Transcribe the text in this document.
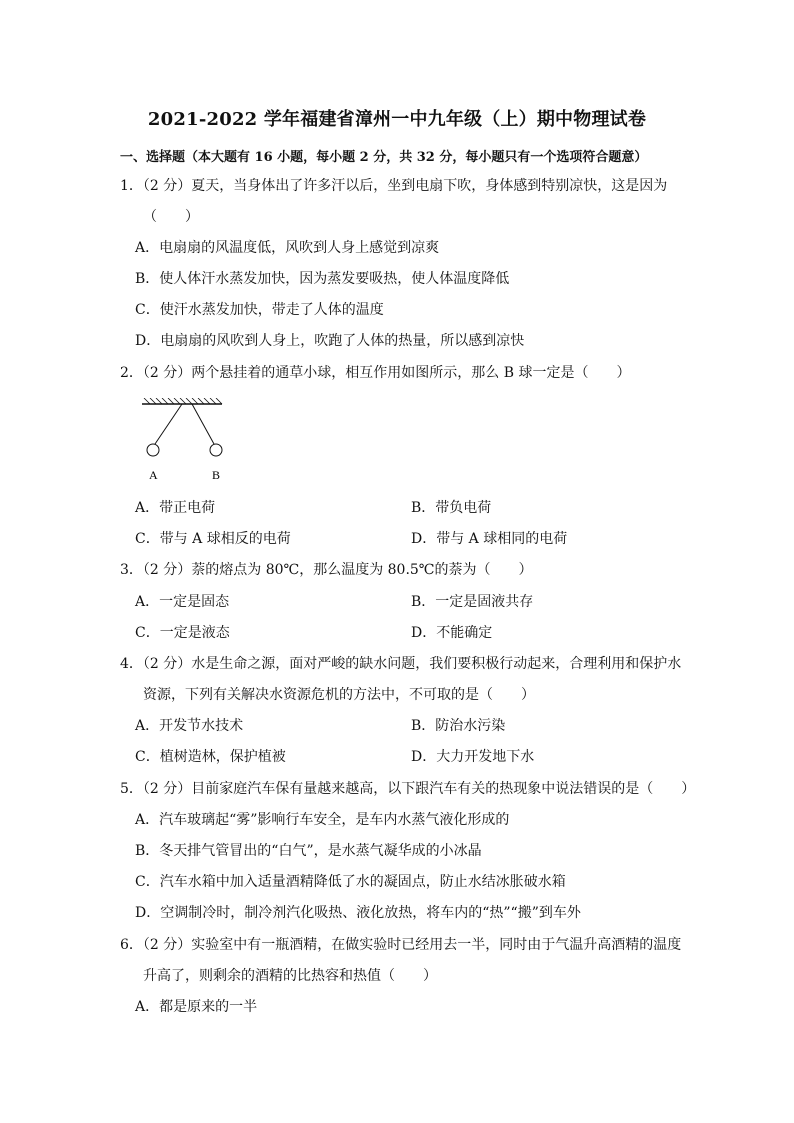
2021-2022 学年福建省漳州一中九年级（上）期中物理试卷
一、选择题（本大题有 16 小题，每小题 2 分，共 32 分，每小题只有一个选项符合题意）
1．（2 分）夏天，当身体出了许多汗以后，坐到电扇下吹，身体感到特别凉快，这是因为
（　　）
A．电扇扇的风温度低，风吹到人身上感觉到凉爽
B．使人体汗水蒸发加快，因为蒸发要吸热，使人体温度降低
C．使汗水蒸发加快，带走了人体的温度
D．电扇扇的风吹到人身上，吹跑了人体的热量，所以感到凉快
2．（2 分）两个悬挂着的通草小球，相互作用如图所示，那么 B 球一定是（　　）
A	B
A．带正电荷	B．带负电荷
C．带与 A 球相反的电荷	D．带与 A 球相同的电荷
3．（2 分）萘的熔点为 80℃，那么温度为 80.5℃的萘为（　　）
A．一定是固态	B．一定是固液共存
C．一定是液态	D．不能确定
4．（2 分）水是生命之源，面对严峻的缺水问题，我们要积极行动起来，合理利用和保护水
资源，下列有关解决水资源危机的方法中，不可取的是（　　）
A．开发节水技术	B．防治水污染
C．植树造林，保护植被	D．大力开发地下水
5．（2 分）目前家庭汽车保有量越来越高，以下跟汽车有关的热现象中说法错误的是（　　）
A．汽车玻璃起“雾”影响行车安全，是车内水蒸气液化形成的
B．冬天排气管冒出的“白气”，是水蒸气凝华成的小冰晶
C．汽车水箱中加入适量酒精降低了水的凝固点，防止水结冰胀破水箱
D．空调制冷时，制冷剂汽化吸热、液化放热，将车内的“热”“搬”到车外
6．（2 分）实验室中有一瓶酒精，在做实验时已经用去一半，同时由于气温升高酒精的温度
升高了，则剩余的酒精的比热容和热值（　　）
A．都是原来的一半
